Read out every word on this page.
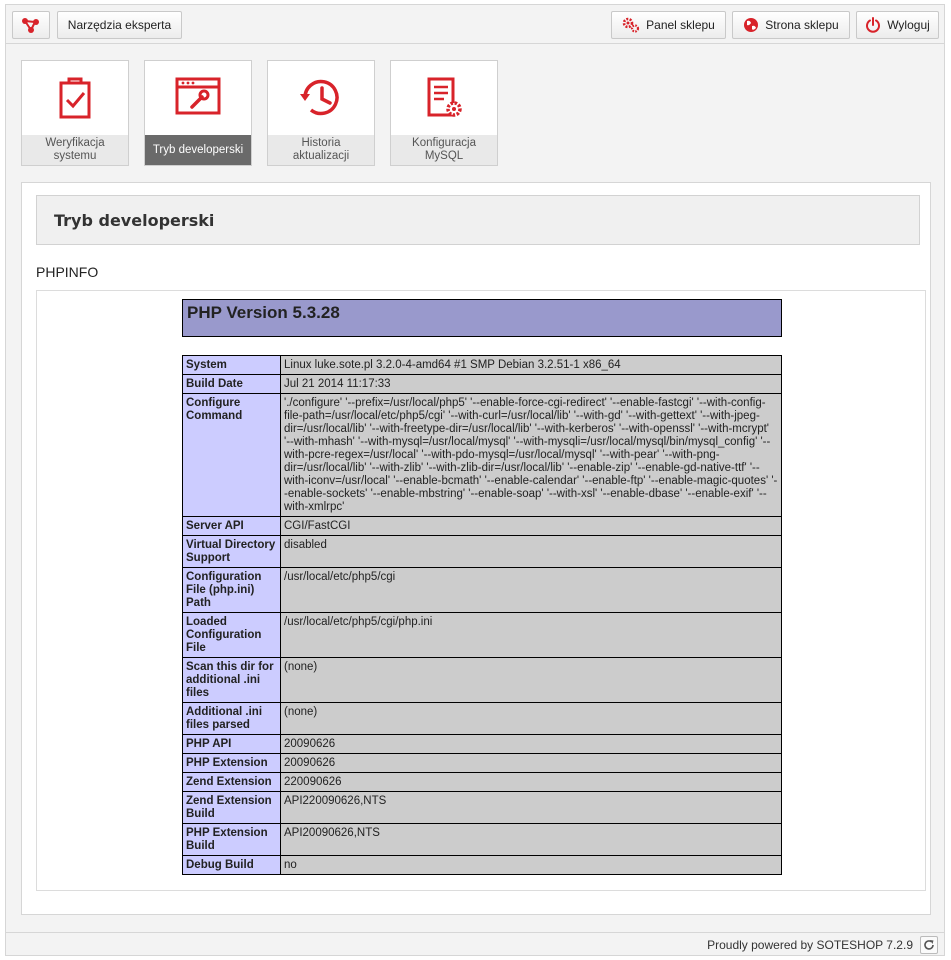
Narzędzia eksperta	Panel sklepu	Strona sklepu	Wyloguj
Weryfikacja systemu
Tryb developerski
Historia aktualizacji
Konfiguracja MySQL
Tryb developerski
PHPINFO
PHP Version 5.3.28
System	Linux luke.sote.pl 3.2.0-4-amd64 #1 SMP Debian 3.2.51-1 x86_64
Build Date	Jul 21 2014 11:17:33
Configure Command	'./configure' '--prefix=/usr/local/php5' '--enable-force-cgi-redirect' '--enable-fastcgi' '--with-config-file-path=/usr/local/etc/php5/cgi' '--with-curl=/usr/local/lib' '--with-gd' '--with-gettext' '--with-jpeg-dir=/usr/local/lib' '--with-freetype-dir=/usr/local/lib' '--with-kerberos' '--with-openssl' '--with-mcrypt' '--with-mhash' '--with-mysql=/usr/local/mysql' '--with-mysqli=/usr/local/mysql/bin/mysql_config' '--with-pcre-regex=/usr/local' '--with-pdo-mysql=/usr/local/mysql' '--with-pear' '--with-png-dir=/usr/local/lib' '--with-zlib' '--with-zlib-dir=/usr/local/lib' '--enable-zip' '--enable-gd-native-ttf' '--with-iconv=/usr/local' '--enable-bcmath' '--enable-calendar' '--enable-ftp' '--enable-magic-quotes' '--enable-sockets' '--enable-mbstring' '--enable-soap' '--with-xsl' '--enable-dbase' '--enable-exif' '--with-xmlrpc'
Server API	CGI/FastCGI
Virtual Directory Support	disabled
Configuration File (php.ini) Path	/usr/local/etc/php5/cgi
Loaded Configuration File	/usr/local/etc/php5/cgi/php.ini
Scan this dir for additional .ini files	(none)
Additional .ini files parsed	(none)
PHP API	20090626
PHP Extension	20090626
Zend Extension	220090626
Zend Extension Build	API220090626,NTS
PHP Extension Build	API20090626,NTS
Debug Build	no
Proudly powered by SOTESHOP 7.2.9
